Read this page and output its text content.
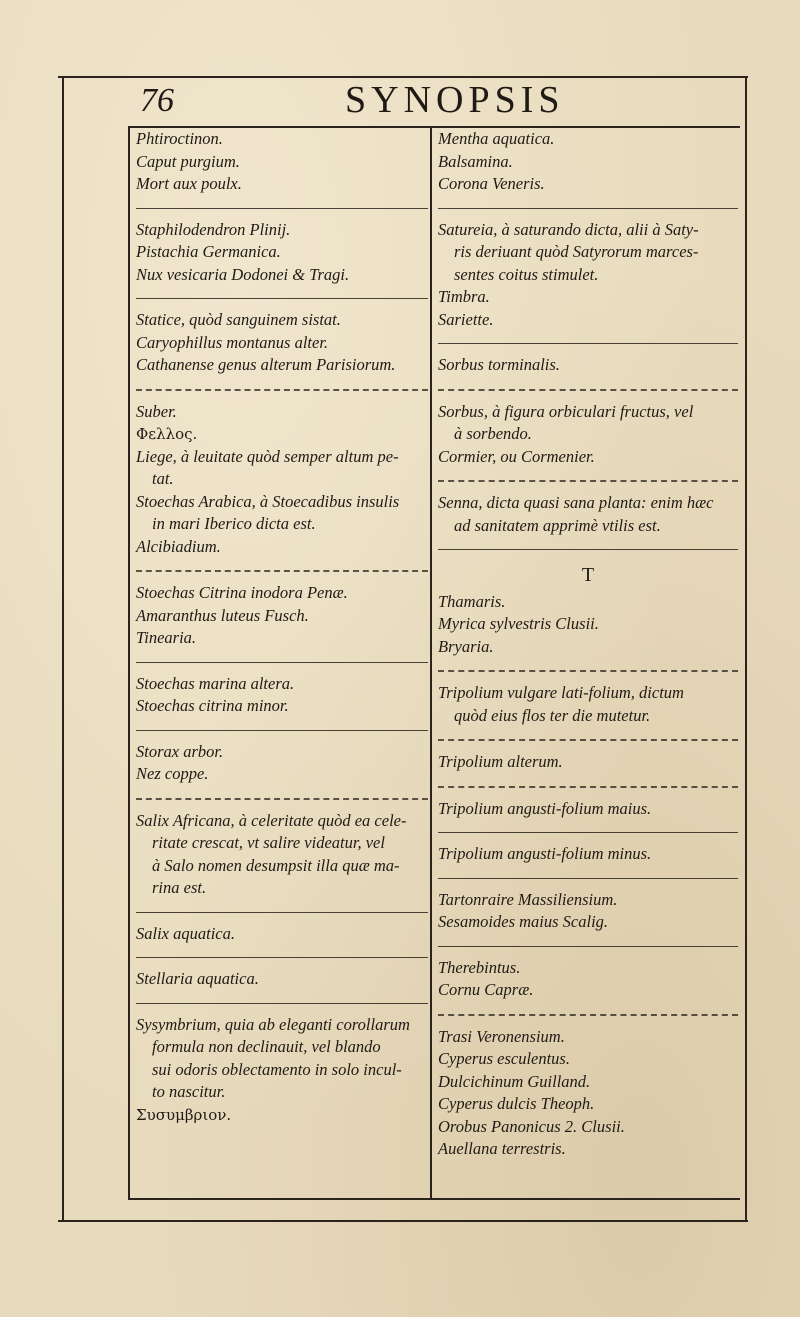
76	SYNOPSIS
Phtiroctinon.
Caput purgium.
Mort aux poulx.
Staphilodendron Plinij.
Pistachia Germanica.
Nux vesicaria Dodonei & Tragi.
Statice, quòd sanguinem sistat.
Caryophillus montanus alter.
Cathanense genus alterum Parisiorum.
Suber.
Φελλος.
Liege, à leuitate quòd semper altum pe-
tat.
Stoechas Arabica, à Stoecadibus insulis
in mari Iberico dicta est.
Alcibiadium.
Stoechas Citrina inodora Penæ.
Amaranthus luteus Fusch.
Tinearia.
Stoechas marina altera.
Stoechas citrina minor.
Storax arbor.
Nez coppe.
Salix Africana, à celeritate quòd ea cele-
ritate crescat, vt salire videatur, vel
à Salo nomen desumpsit illa quæ ma-
rina est.
Salix aquatica.
Stellaria aquatica.
Sysymbrium, quia ab eleganti corollarum
formula non declinauit, vel blando
sui odoris oblectamento in solo incul-
to nascitur.
Συσυμβριον.
Mentha aquatica.
Balsamina.
Corona Veneris.
Satureia, à saturando dicta, alii à Saty-
ris deriuant quòd Satyrorum marces-
sentes coitus stimulet.
Timbra.
Sariette.
Sorbus torminalis.
Sorbus, à figura orbiculari fructus, vel
à sorbendo.
Cormier, ou Cormenier.
Senna, dicta quasi sana planta: enim hæc
ad sanitatem apprimè vtilis est.
T
Thamaris.
Myrica sylvestris Clusii.
Bryaria.
Tripolium vulgare lati-folium, dictum
quòd eius flos ter die mutetur.
Tripolium alterum.
Tripolium angusti-folium maius.
Tripolium angusti-folium minus.
Tartonraire Massiliensium.
Sesamoides maius Scalig.
Therebintus.
Cornu Capræ.
Trasi Veronensium.
Cyperus esculentus.
Dulcichinum Guilland.
Cyperus dulcis Theoph.
Orobus Panonicus 2. Clusii.
Auellana terrestris.
